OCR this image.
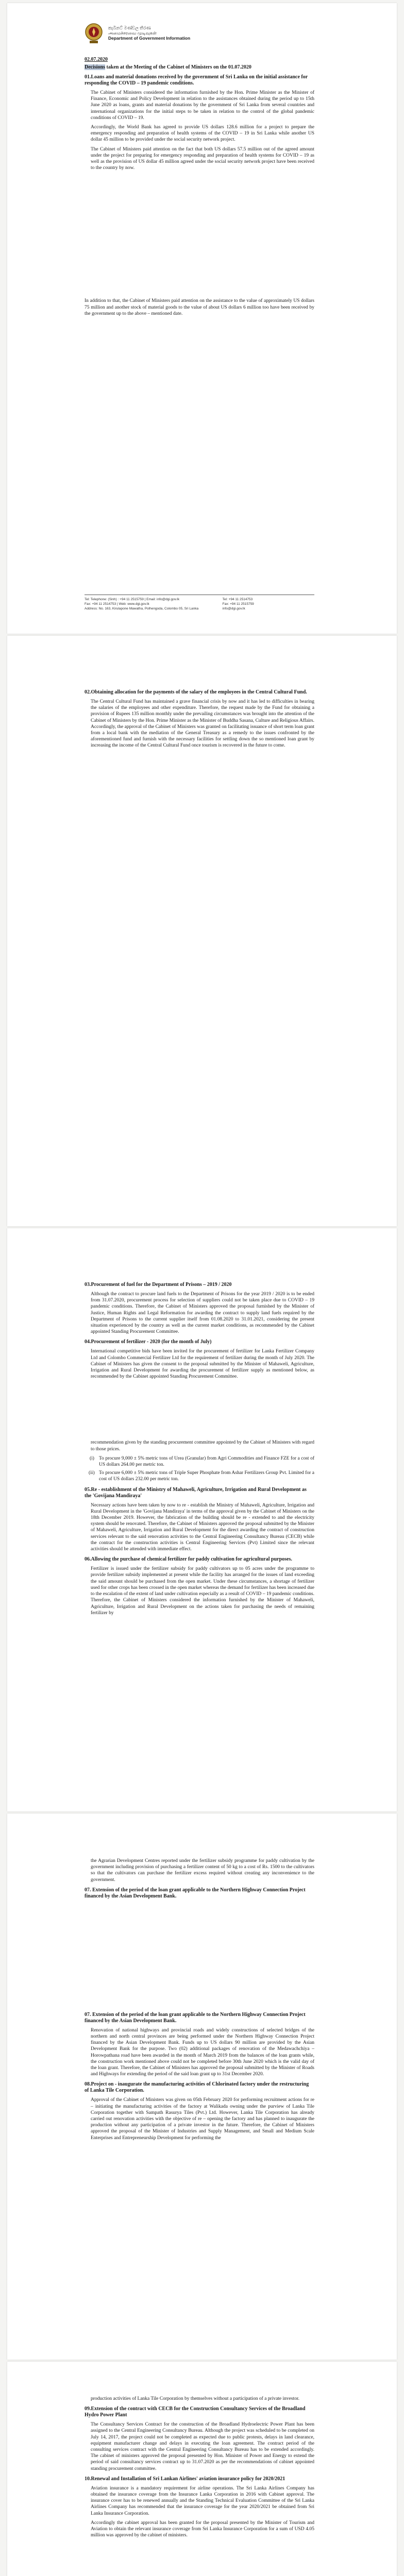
කැබිනට් මණ්ඩල තීරණ
அமைச்சரவை முடிவுகள்
Department of Government Information
02.07.2020
Decisions taken at the Meeting of the Cabinet of Ministers on the 01.07.2020
01.Loans and material donations received by the government of Sri Lanka on the initial assistance for responding the COVID – 19 pandemic conditions.
The Cabinet of Ministers considered the information furnished by the Hon. Prime Minister as the Minister of Finance, Economic and Policy Development in relation to the assistances obtained during the period up to 15th June 2020 as loans, grants and material donations by the government of Sri Lanka from several countries and international organizations for the initial steps to be taken in relation to the control of the global pandemic conditions of COVID – 19.
Accordingly, the World Bank has agreed to provide US dollars 128.6 million for a project to prepare the emergency responding and preparation of health systems of the COVID – 19 in Sri Lanka while another US dollar 45 million to be provided under the social security network project.
The Cabinet of Ministers paid attention on the fact that both US dollars 57.5 million out of the agreed amount under the project for preparing for emergency responding and preparation of health systems for COVID – 19 as well as the provision of US dollar 45 million agreed under the social security network project have been received to the country by now.
In addition to that, the Cabinet of Ministers paid attention on the assistance to the value of approximately US dollars 75 million and another stock of material goods to the value of about US dollars 6 million too have been received by the government up to the above – mentioned date.
Tel: Telephone: (Sinh) : +94 11 2515759 | Email: info@dgi.gov.lk
Fax: +94 11 2514753 | Web: www.dgi.gov.lk
Address: No. 163, Kirulapone Mawatha, Polhengoda, Colombo 05, Sri Lanka
Tel: +94 11 2514753
Fax: +94 11 2515759
info@dgi.gov.lk
02.Obtaining allocation for the payments of the salary of the employees in the Central Cultural Fund.
The Central Cultural Fund has maintained a grave financial crisis by now and it has led to difficulties in bearing the salaries of the employees and other expenditure. Therefore, the request made by the Fund for obtaining a provision of Rupees 135 million monthly under the prevailing circumstances was brought into the attention of the Cabinet of Ministers by the Hon. Prime Minister as the Minister of Buddha Sasana, Culture and Religious Affairs. Accordingly, the approval of the Cabinet of Ministers was granted on facilitating issuance of short term loan grant from a local bank with the mediation of the General Treasury as a remedy to the issues confronted by the aforementioned fund and furnish with the necessary facilities for settling down the so mentioned loan grant by increasing the income of the Central Cultural Fund once tourism is recovered in the future to come.
03.Procurement of fuel for the Department of Prisons – 2019 / 2020
Although the contract to procure land fuels to the Department of Prisons for the year 2019 / 2020 is to be ended from 31.07.2020, procurement process for selection of suppliers could not be taken place due to COVID – 19 pandemic conditions. Therefore, the Cabinet of Ministers approved the proposal furnished by the Minister of Justice, Human Rights and Legal Reformation for awarding the contract to supply land fuels required by the Department of Prisons to the current supplier itself from 01.08.2020 to 31.01.2021, considering the present situation experienced by the country as well as the current market conditions, as recommended by the Cabinet appointed Standing Procurement Committee.
04.Procurement of fertilizer - 2020 (for the month of July)
International competitive bids have been invited for the procurement of fertilizer for Lanka Fertilizer Company Ltd and Colombo Commercial Fertilizer Ltd for the requirement of fertilizer during the month of July 2020. The Cabinet of Ministers has given the consent to the proposal submitted by the Minister of Mahaweli, Agriculture, Irrigation and Rural Development for awarding the procurement of fertilizer supply as mentioned below, as recommended by the Cabinet appointed Standing Procurement Committee.
recommendation given by the standing procurement committee appointed by the Cabinet of Ministers with regard to those prices.
(i) To procure 9,000 ± 5% metric tons of Urea (Granular) from Agri Commodities and Finance FZE for a cost of US dollars 264.00 per metric ton.
(ii) To procure 6,000 ± 5% metric tons of Triple Super Phosphate from Ashar Fertilizers Group Pvt. Limited for a cost of US dollars 232.00 per metric ton.
05.Re - establishment of the Ministry of Mahaweli, Agriculture, Irrigation and Rural Development as the 'Govijana Mandiraya'
Necessary actions have been taken by now to re - establish the Ministry of Mahaweli, Agriculture, Irrigation and Rural Development in the 'Govijana Mandiraya' in terms of the approval given by the Cabinet of Ministers on the 18th December 2019. However, the fabrication of the building should be re - extended to and the electricity system should be renovated. Therefore, the Cabinet of Ministers approved the proposal submitted by the Minister of Mahaweli, Agriculture, Irrigation and Rural Development for the direct awarding the contract of construction services relevant to the said renovation activities to the Central Engineering Consultancy Bureau (CECB) while the contract for the construction activities is Central Engineering Services (Pvt) Limited since the relevant activities should be attended with immediate effect.
06.Allowing the purchase of chemical fertilizer for paddy cultivation for agricultural purposes.
Fertilizer is issued under the fertilizer subsidy for paddy cultivators up to 05 acres under the programme to provide fertilizer subsidy implemented at present while the facility has arranged for the issues of land exceeding the said amount should be purchased from the open market. Under these circumstances, a shortage of fertilizer used for other crops has been crossed in the open market whereas the demand for fertilizer has been increased due to the escalation of the extent of land under cultivation especially as a result of COVID – 19 pandemic conditions. Therefore, the Cabinet of Ministers considered the information furnished by the Minister of Mahaweli, Agriculture, Irrigation and Rural Development on the actions taken for purchasing the needs of remaining fertilizer by
the Agrarian Development Centres reported under the fertilizer subsidy programme for paddy cultivation by the government including provision of purchasing a fertilizer content of 50 kg to a cost of Rs. 1500 to the cultivators so that the cultivators can purchase the fertilizer excess required without creating any inconvenience to the government.
07. Extension of the period of the loan grant applicable to the Northern Highway Connection Project financed by the Asian Development Bank.
07. Extension of the period of the loan grant applicable to the Northern Highway Connection Project financed by the Asian Development Bank.
Renovation of national highways and provincial roads and widely constructions of selected bridges of the northern and north central provinces are being performed under the Northern Highway Connection Project financed by the Asian Development Bank. Funds up to US dollars 90 million are provided by the Asian Development Bank for the purpose. Two (02) additional packages of renovation of the Medawachchiya – Horowpathana road have been awarded in the month of March 2019 from the balances of the loan grants while, the construction work mentioned above could not be completed before 30th June 2020 which is the valid day of the loan grant. Therefore, the Cabinet of Ministers has approved the proposal submitted by the Minister of Roads and Highways for extending the period of the said loan grant up to 31st December 2020.
08.Project on - inaugurate the manufacturing activities of Chlorinated factory under the restructuring of Lanka Tile Corporation.
Approval of the Cabinet of Ministers was given on 05th February 2020 for performing recruitment actions for re – initiating the manufacturing activities of the factory at Walikada owning under the purview of Lanka Tile Corporation together with Sampath Rasurya Tiles (Pvt.) Ltd. However, Lanka Tile Corporation has already carried out renovation activities with the objective of re – opening the factory and has planned to inaugurate the production without any participation of a private investor in the future. Therefore, the Cabinet of Ministers approved the proposal of the Minister of Industries and Supply Management, and Small and Medium Scale Enterprises and Entrepreneurship Development for performing the
production activities of Lanka Tile Corporation by themselves without a participation of a private investor.
09.Extension of the contract with CECB for the Construction Consultancy Services of the Broadland Hydro Power Plant
The Consultancy Services Contract for the construction of the Broadland Hydroelectric Power Plant has been assigned to the Central Engineering Consultancy Bureau. Although the project was scheduled to be completed on July 14, 2017, the project could not be completed as expected due to public protests, delays in land clearance, equipment manufacturer change and delays in executing the loan agreement. The contract period of the consulting services contract with the Central Engineering Consultancy Bureau has to be extended accordingly. The cabinet of ministers approved the proposal presented by Hon. Minister of Power and Energy to extend the period of said consultancy services contract up to 31.07.2020 as per the recommendations of cabinet appointed standing procurement committee.
10.Renewal and Installation of Sri Lankan Airlines' aviation insurance policy for 2020/2021
Aviation insurance is a mandatory requirement for airline operations. The Sri Lanka Airlines Company has obtained the insurance coverage from the Insurance Lanka Corporation in 2016 with Cabinet approval. The insurance cover has to be renewed annually and the Standing Technical Evaluation Committee of the Sri Lanka Airlines Company has recommended that the insurance coverage for the year 2020/2021 be obtained from Sri Lanka Insurance Corporation.
Accordingly the cabinet approval has been granted for the proposal presented by the Minister of Tourism and Aviation to obtain the relevant insurance coverage from Sri Lanka Insurance Corporation for a sum of USD 4.05 million was approved by the cabinet of ministers.
